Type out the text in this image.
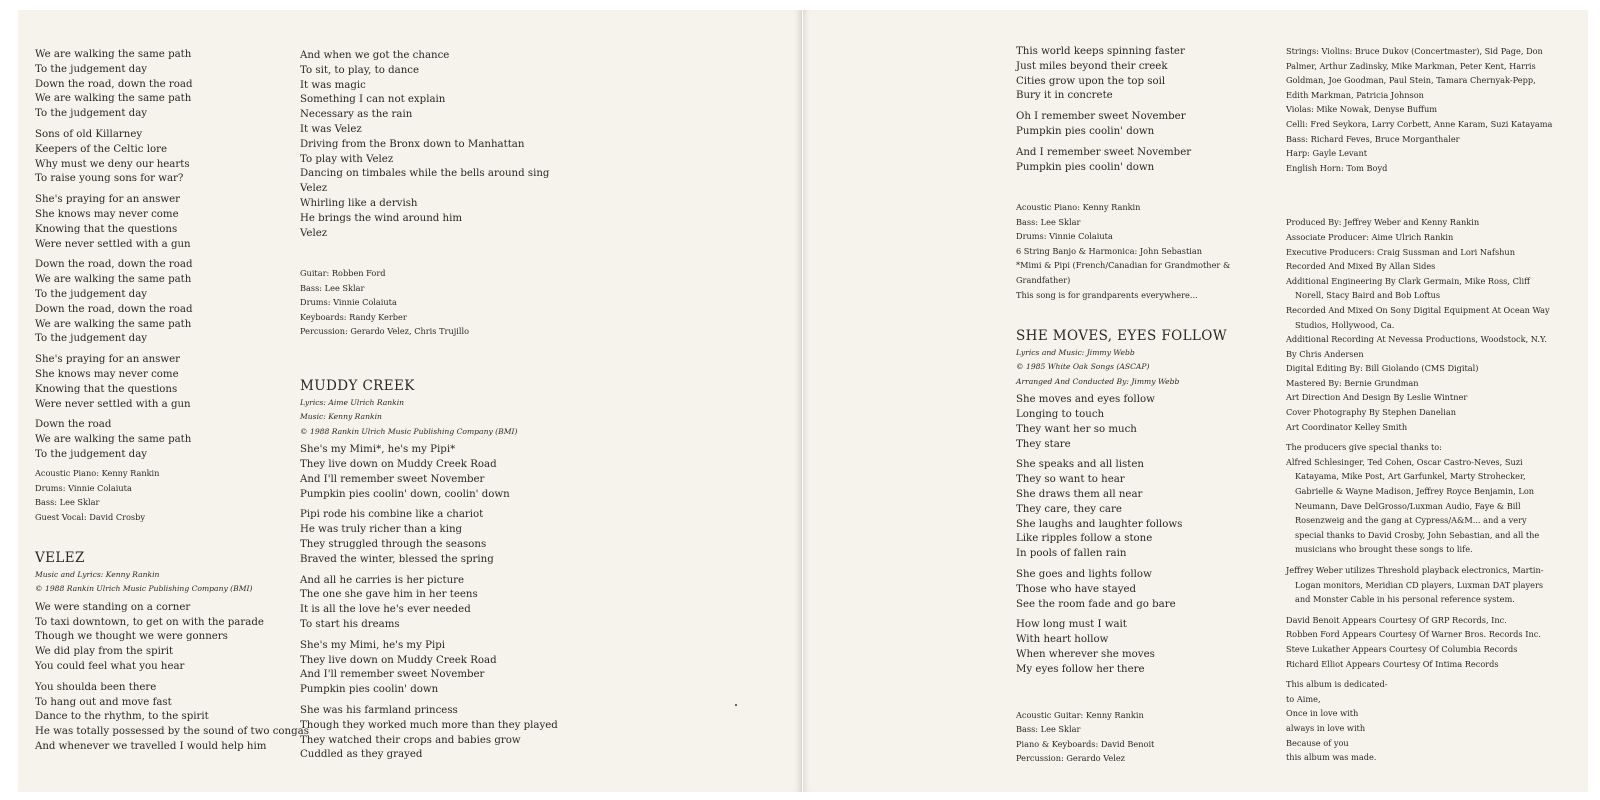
We are walking the same path
To the judgement day
Down the road, down the road
We are walking the same path
To the judgement day
Sons of old Killarney
Keepers of the Celtic lore
Why must we deny our hearts
To raise young sons for war?
She's praying for an answer
She knows may never come
Knowing that the questions
Were never settled with a gun
Down the road, down the road
We are walking the same path
To the judgement day
Down the road, down the road
We are walking the same path
To the judgement day
She's praying for an answer
She knows may never come
Knowing that the questions
Were never settled with a gun
Down the road
We are walking the same path
To the judgement day
Acoustic Piano: Kenny Rankin
Drums: Vinnie Colaiuta
Bass: Lee Sklar
Guest Vocal: David Crosby
VELEZ
Music and Lyrics: Kenny Rankin
© 1988 Rankin Ulrich Music Publishing Company (BMI)
We were standing on a corner
To taxi downtown, to get on with the parade
Though we thought we were gonners
We did play from the spirit
You could feel what you hear
You shoulda been there
To hang out and move fast
Dance to the rhythm, to the spirit
He was totally possessed by the sound of two congas
And whenever we travelled I would help him
And when we got the chance
To sit, to play, to dance
It was magic
Something I can not explain
Necessary as the rain
It was Velez
Driving from the Bronx down to Manhattan
To play with Velez
Dancing on timbales while the bells around sing
Velez
Whirling like a dervish
He brings the wind around him
Velez
Guitar: Robben Ford
Bass: Lee Sklar
Drums: Vinnie Colaiuta
Keyboards: Randy Kerber
Percussion: Gerardo Velez, Chris Trujillo
MUDDY CREEK
Lyrics: Aime Ulrich Rankin
Music: Kenny Rankin
© 1988 Rankin Ulrich Music Publishing Company (BMI)
She's my Mimi*, he's my Pipi*
They live down on Muddy Creek Road
And I'll remember sweet November
Pumpkin pies coolin' down, coolin' down
Pipi rode his combine like a chariot
He was truly richer than a king
They struggled through the seasons
Braved the winter, blessed the spring
And all he carries is her picture
The one she gave him in her teens
It is all the love he's ever needed
To start his dreams
She's my Mimi, he's my Pipi
They live down on Muddy Creek Road
And I'll remember sweet November
Pumpkin pies coolin' down
She was his farmland princess
Though they worked much more than they played
They watched their crops and babies grow
Cuddled as they grayed
This world keeps spinning faster
Just miles beyond their creek
Cities grow upon the top soil
Bury it in concrete
Oh I remember sweet November
Pumpkin pies coolin' down
And I remember sweet November
Pumpkin pies coolin' down
Acoustic Piano: Kenny Rankin
Bass: Lee Sklar
Drums: Vinnie Colaiuta
6 String Banjo & Harmonica: John Sebastian
*Mimi & Pipi (French/Canadian for Grandmother &
Grandfather)
This song is for grandparents everywhere...
SHE MOVES, EYES FOLLOW
Lyrics and Music: Jimmy Webb
© 1985 White Oak Songs (ASCAP)
Arranged And Conducted By: Jimmy Webb
She moves and eyes follow
Longing to touch
They want her so much
They stare
She speaks and all listen
They so want to hear
She draws them all near
They care, they care
She laughs and laughter follows
Like ripples follow a stone
In pools of fallen rain
She goes and lights follow
Those who have stayed
See the room fade and go bare
How long must I wait
With heart hollow
When wherever she moves
My eyes follow her there
Acoustic Guitar: Kenny Rankin
Bass: Lee Sklar
Piano & Keyboards: David Benoit
Percussion: Gerardo Velez
Strings: Violins: Bruce Dukov (Concertmaster), Sid Page, Don
Palmer, Arthur Zadinsky, Mike Markman, Peter Kent, Harris
Goldman, Joe Goodman, Paul Stein, Tamara Chernyak-Pepp,
Edith Markman, Patricia Johnson
Violas: Mike Nowak, Denyse Buffum
Celli: Fred Seykora, Larry Corbett, Anne Karam, Suzi Katayama
Bass: Richard Feves, Bruce Morganthaler
Harp: Gayle Levant
English Horn: Tom Boyd
Produced By: Jeffrey Weber and Kenny Rankin
Associate Producer: Aime Ulrich Rankin
Executive Producers: Craig Sussman and Lori Nafshun
Recorded And Mixed By Allan Sides
Additional Engineering By Clark Germain, Mike Ross, Cliff
Norell, Stacy Baird and Bob Loftus
Recorded And Mixed On Sony Digital Equipment At Ocean Way
Studios, Hollywood, Ca.
Additional Recording At Nevessa Productions, Woodstock, N.Y.
By Chris Andersen
Digital Editing By: Bill Giolando (CMS Digital)
Mastered By: Bernie Grundman
Art Direction And Design By Leslie Wintner
Cover Photography By Stephen Danelian
Art Coordinator Kelley Smith
The producers give special thanks to:
Alfred Schlesinger, Ted Cohen, Oscar Castro-Neves, Suzi
Katayama, Mike Post, Art Garfunkel, Marty Strohecker,
Gabrielle & Wayne Madison, Jeffrey Royce Benjamin, Lon
Neumann, Dave DelGrosso/Luxman Audio, Faye & Bill
Rosenzweig and the gang at Cypress/A&M... and a very
special thanks to David Crosby, John Sebastian, and all the
musicians who brought these songs to life.
Jeffrey Weber utilizes Threshold playback electronics, Martin-
Logan monitors, Meridian CD players, Luxman DAT players
and Monster Cable in his personal reference system.
David Benoit Appears Courtesy Of GRP Records, Inc.
Robben Ford Appears Courtesy Of Warner Bros. Records Inc.
Steve Lukather Appears Courtesy Of Columbia Records
Richard Elliot Appears Courtesy Of Intima Records
This album is dedicated-
to Aime,
Once in love with
always in love with
Because of you
this album was made.
